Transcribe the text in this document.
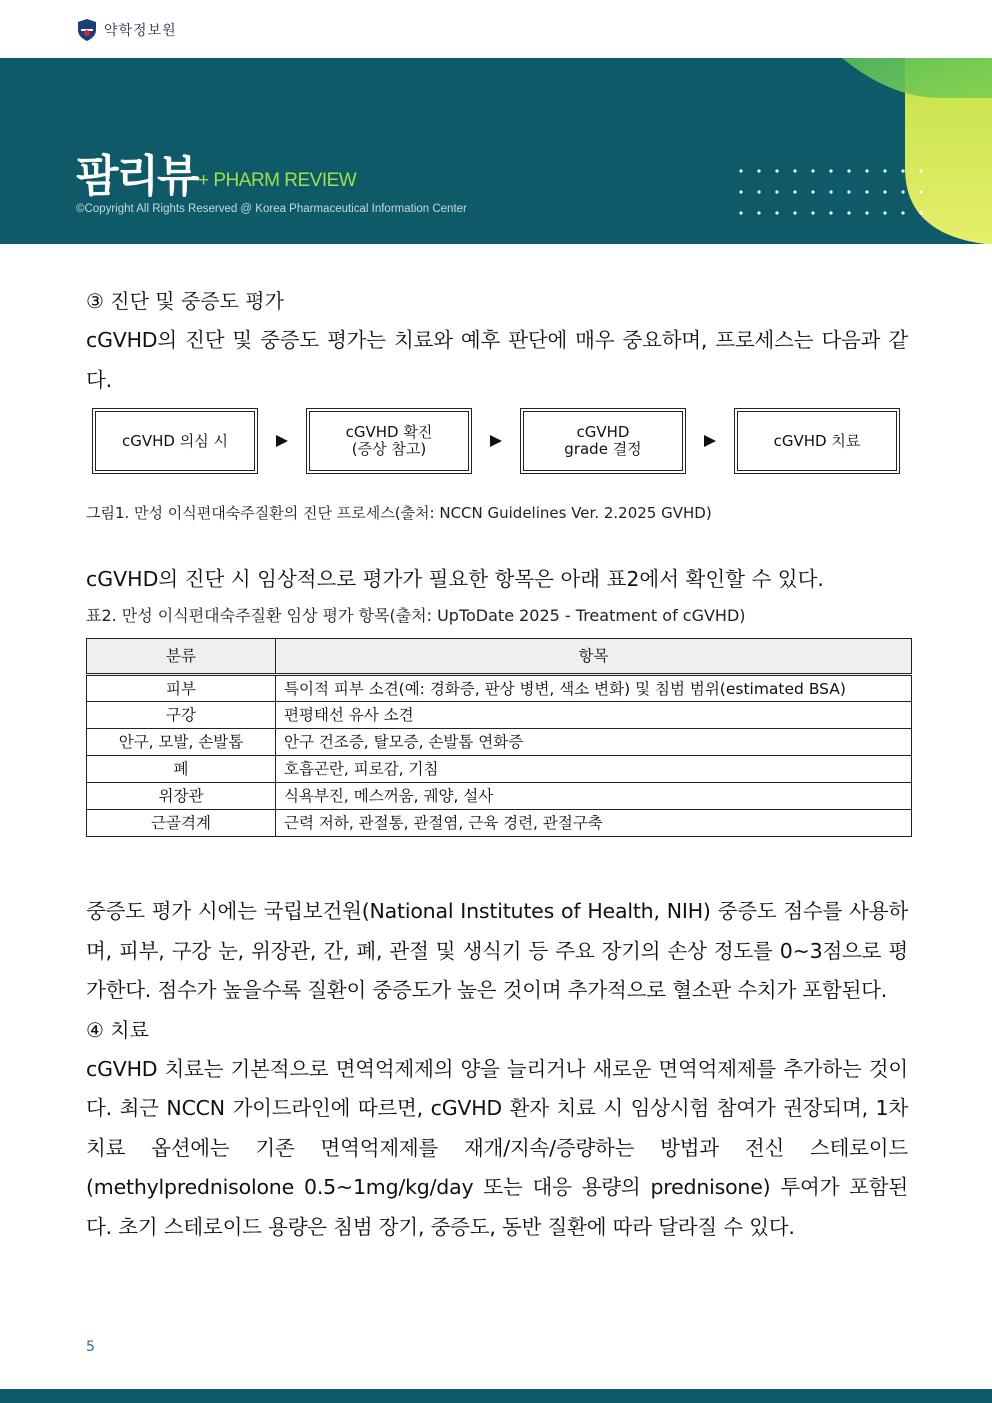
약학정보원
팜리뷰 + PHARM REVIEW
©Copyright All Rights Reserved @ Korea Pharmaceutical Information Center
③ 진단 및 중증도 평가
cGVHD의 진단 및 중증도 평가는 치료와 예후 판단에 매우 중요하며, 프로세스는 다음과 같다.
cGVHD 의심 시	cGVHD 확진
(증상 참고)
cGVHD
grade 결정	cGVHD 치료
그림1. 만성 이식편대숙주질환의 진단 프로세스(출처: NCCN Guidelines Ver. 2.2025 GVHD)
cGVHD의 진단 시 임상적으로 평가가 필요한 항목은 아래 표2에서 확인할 수 있다.
표2. 만성 이식편대숙주질환 임상 평가 항목(출처: UpToDate 2025 - Treatment of cGVHD)
분류	항목
피부	특이적 피부 소견(예: 경화증, 판상 병변, 색소 변화) 및 침범 범위(estimated BSA)
구강	편평태선 유사 소견
안구, 모발, 손발톱	안구 건조증, 탈모증, 손발톱 연화증
폐	호흡곤란, 피로감, 기침
위장관	식욕부진, 메스꺼움, 궤양, 설사
근골격계	근력 저하, 관절통, 관절염, 근육 경련, 관절구축
중증도 평가 시에는 국립보건원(National Institutes of Health, NIH) 중증도 점수를 사용하며, 피부, 구강 눈, 위장관, 간, 폐, 관절 및 생식기 등 주요 장기의 손상 정도를 0~3점으로 평가한다. 점수가 높을수록 질환이 중증도가 높은 것이며 추가적으로 혈소판 수치가 포함된다.
④ 치료
cGVHD 치료는 기본적으로 면역억제제의 양을 늘리거나 새로운 면역억제제를 추가하는 것이다. 최근 NCCN 가이드라인에 따르면, cGVHD 환자 치료 시 임상시험 참여가 권장되며, 1차 치료 옵션에는 기존 면역억제제를 재개/지속/증량하는 방법과 전신 스테로이드(methylprednisolone 0.5~1mg/kg/day 또는 대응 용량의 prednisone) 투여가 포함된다. 초기 스테로이드 용량은 침범 장기, 중증도, 동반 질환에 따라 달라질 수 있다.
5
